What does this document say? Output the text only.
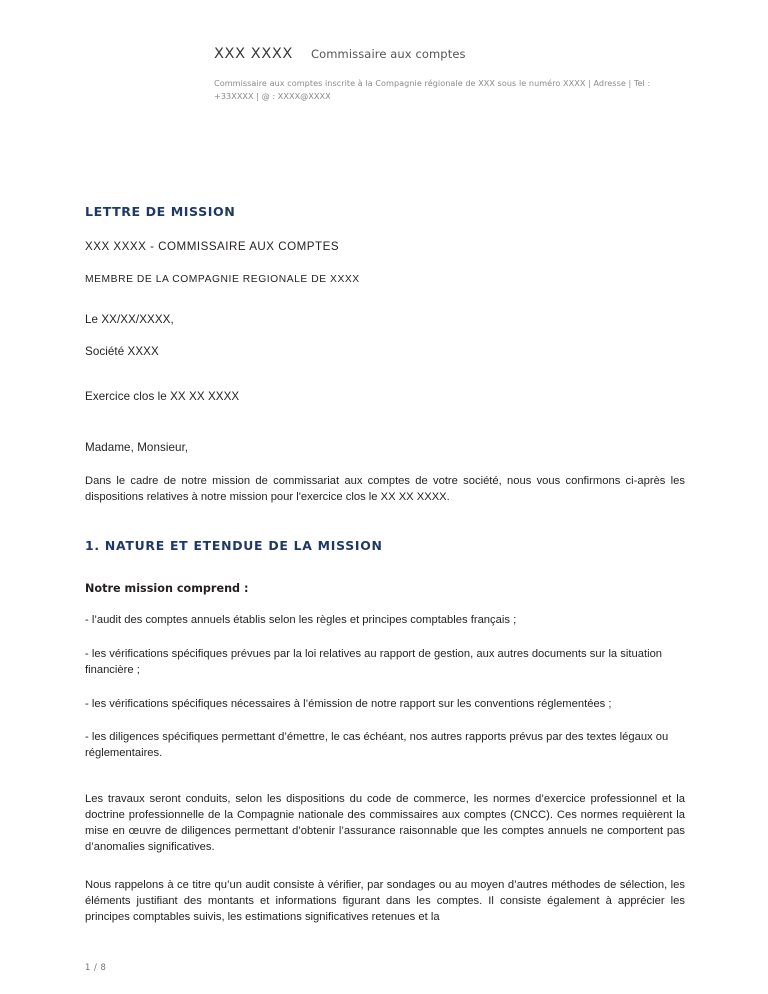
XXX XXXX Commissaire aux comptes
Commissaire aux comptes inscrite à la Compagnie régionale de XXX sous le numéro XXXX | Adresse | Tel : +33XXXX | @ : XXXX@XXXX
LETTRE DE MISSION
XXX XXXX - COMMISSAIRE AUX COMPTES
MEMBRE DE LA COMPAGNIE REGIONALE DE XXXX
Le XX/XX/XXXX,
Société XXXX
Exercice clos le XX XX XXXX
Madame, Monsieur,

Dans le cadre de notre mission de commissariat aux comptes de votre société, nous vous confirmons ci-après les dispositions relatives à notre mission pour l'exercice clos le XX XX XXXX.

1. NATURE ET ETENDUE DE LA MISSION
Notre mission comprend :
- l’audit des comptes annuels établis selon les règles et principes comptables français ;
- les vérifications spécifiques prévues par la loi relatives au rapport de gestion, aux autres documents sur la situation financière ;
- les vérifications spécifiques nécessaires à l’émission de notre rapport sur les conventions réglementées ;
- les diligences spécifiques permettant d’émettre, le cas échéant, nos autres rapports prévus par des textes légaux ou réglementaires.

Les travaux seront conduits, selon les dispositions du code de commerce, les normes d’exercice professionnel et la doctrine professionnelle de la Compagnie nationale des commissaires aux comptes (CNCC). Ces normes requièrent la mise en œuvre de diligences permettant d’obtenir l’assurance raisonnable que les comptes annuels ne comportent pas d’anomalies significatives.

Nous rappelons à ce titre qu’un audit consiste à vérifier, par sondages ou au moyen d’autres méthodes de sélection, les éléments justifiant des montants et informations figurant dans les comptes. Il consiste également à apprécier les principes comptables suivis, les estimations significatives retenues et la

1 / 8
